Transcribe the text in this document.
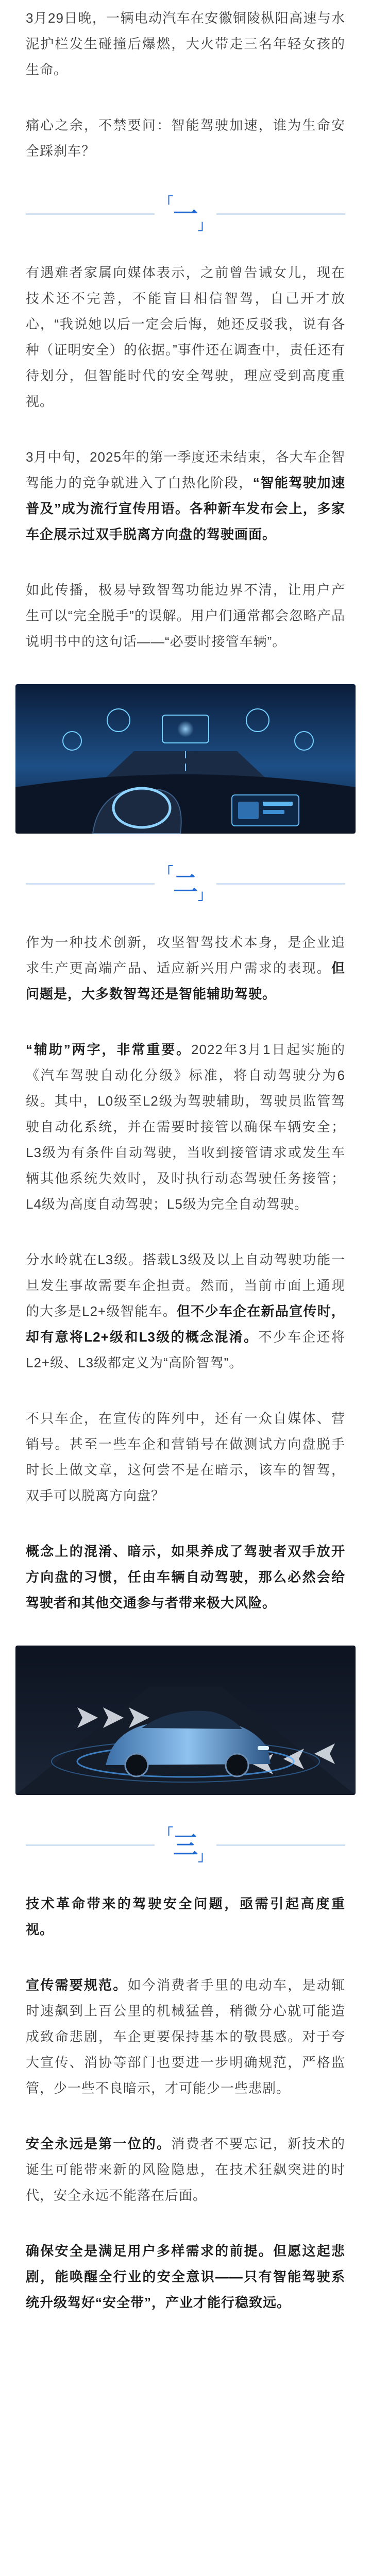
3月29日晚，一辆电动汽车在安徽铜陵枞阳高速与水泥护栏发生碰撞后爆燃，大火带走三名年轻女孩的生命。

痛心之余，不禁要问：智能驾驶加速，谁为生命安全踩刹车？

「一」

有遇难者家属向媒体表示，之前曾告诫女儿，现在技术还不完善，不能盲目相信智驾，自己开才放心，“我说她以后一定会后悔，她还反驳我，说有各种（证明安全）的依据。”事件还在调查中，责任还有待划分，但智能时代的安全驾驶，理应受到高度重视。

3月中旬，2025年的第一季度还未结束，各大车企智驾能力的竞争就进入了白热化阶段，“智能驾驶加速普及”成为流行宣传用语。各种新车发布会上，多家车企展示过双手脱离方向盘的驾驶画面。

如此传播，极易导致智驾功能边界不清，让用户产生可以“完全脱手”的误解。用户们通常都会忽略产品说明书中的这句话——“必要时接管车辆”。

「二」

作为一种技术创新，攻坚智驾技术本身，是企业追求生产更高端产品、适应新兴用户需求的表现。但问题是，大多数智驾还是智能辅助驾驶。

“辅助”两字，非常重要。2022年3月1日起实施的《汽车驾驶自动化分级》标准，将自动驾驶分为6级。其中，L0级至L2级为驾驶辅助，驾驶员监管驾驶自动化系统，并在需要时接管以确保车辆安全；L3级为有条件自动驾驶，当收到接管请求或发生车辆其他系统失效时，及时执行动态驾驶任务接管；L4级为高度自动驾驶；L5级为完全自动驾驶。

分水岭就在L3级。搭载L3级及以上自动驾驶功能一旦发生事故需要车企担责。然而，当前市面上通现的大多是L2+级智能车。但不少车企在新品宣传时，却有意将L2+级和L3级的概念混淆。不少车企还将L2+级、L3级都定义为“高阶智驾”。

不只车企，在宣传的阵列中，还有一众自媒体、营销号。甚至一些车企和营销号在做测试方向盘脱手时长上做文章，这何尝不是在暗示，该车的智驾，双手可以脱离方向盘？

概念上的混淆、暗示，如果养成了驾驶者双手放开方向盘的习惯，任由车辆自动驾驶，那么必然会给驾驶者和其他交通参与者带来极大风险。

「三」

技术革命带来的驾驶安全问题，亟需引起高度重视。

宣传需要规范。如今消费者手里的电动车，是动辄时速飙到上百公里的机械猛兽，稍微分心就可能造成致命悲剧，车企更要保持基本的敬畏感。对于夸大宣传、消协等部门也要进一步明确规范，严格监管，少一些不良暗示，才可能少一些悲剧。

安全永远是第一位的。消费者不要忘记，新技术的诞生可能带来新的风险隐患，在技术狂飙突进的时代，安全永远不能落在后面。

确保安全是满足用户多样需求的前提。但愿这起悲剧，能唤醒全行业的安全意识——只有智能驾驶系统升级驾好“安全带”，产业才能行稳致远。
